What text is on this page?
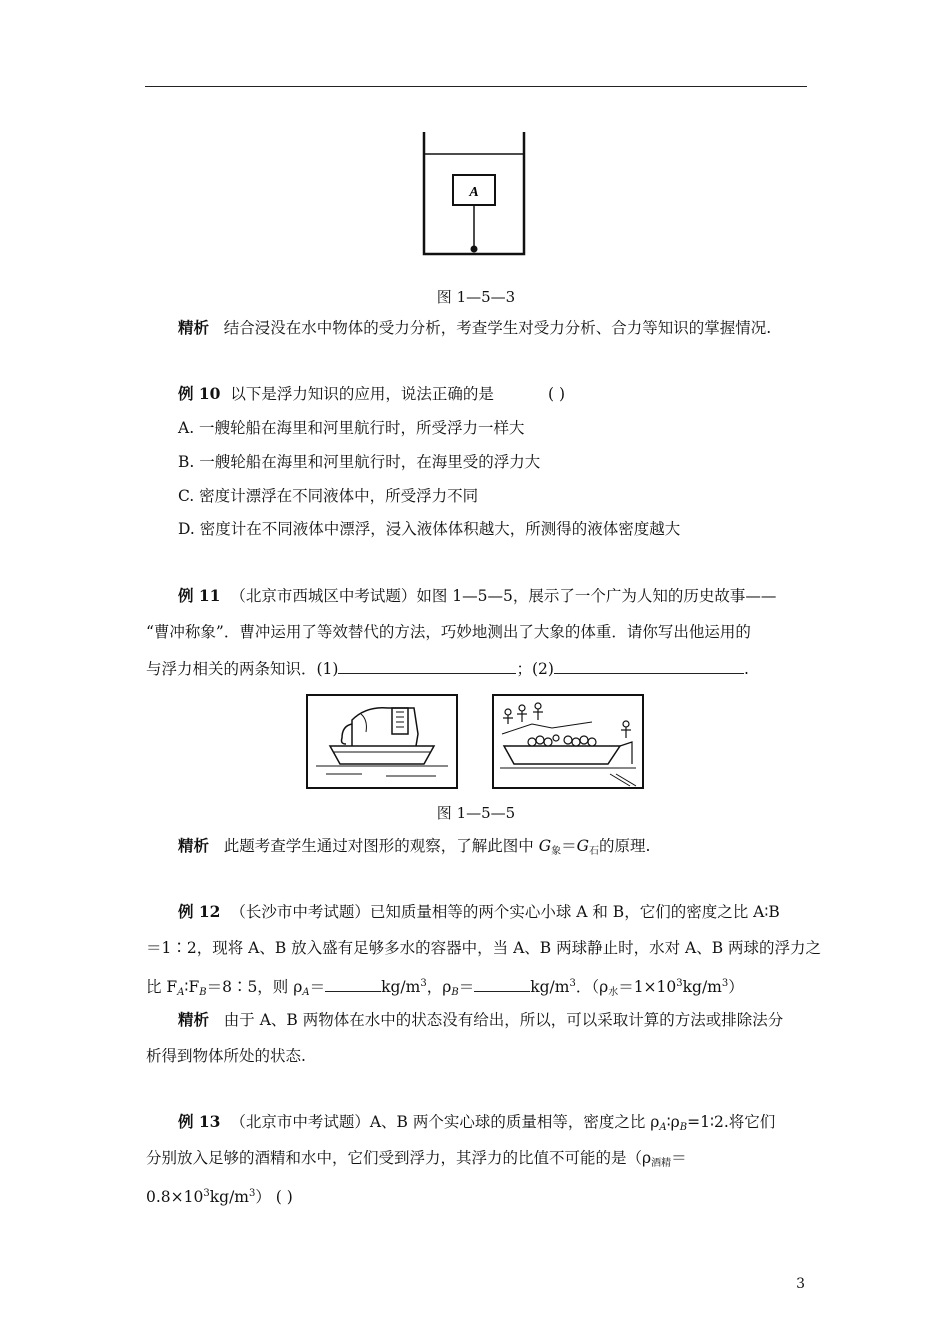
A
图 1—5—3
精析 结合浸没在水中物体的受力分析，考查学生对受力分析、合力等知识的掌握情况.
例 10 以下是浮力知识的应用，说法正确的是	( )
A. 一艘轮船在海里和河里航行时，所受浮力一样大
B. 一艘轮船在海里和河里航行时，在海里受的浮力大
C. 密度计漂浮在不同液体中，所受浮力不同
D. 密度计在不同液体中漂浮，浸入液体体积越大，所测得的液体密度越大
例 11 （北京市西城区中考试题）如图 1—5—5，展示了一个广为人知的历史故事——
“曹冲称象”．曹冲运用了等效替代的方法，巧妙地测出了大象的体重．请你写出他运用的
与浮力相关的两条知识．(1)	；(2)	.
图 1—5—5
精析 此题考查学生通过对图形的观察，了解此图中 $G_象=G_石$的原理.
例 12 （长沙市中考试题）已知质量相等的两个实心小球 A 和 B，它们的密度之比 A∶B
＝1∶2，现将 A、B 放入盛有足够多水的容器中，当 A、B 两球静止时，水对 A、B 两球的浮力之
比 $F_A∶F_B=8∶5$，则 $\rho_A=$	$kg/m^3$，$\rho_B=$	$kg/m^3$．$(\rho_水=1\times 10^3kg/m^3)$
精析 由于 A、B 两物体在水中的状态没有给出，所以，可以采取计算的方法或排除法分
析得到物体所处的状态.
例 13 （北京市中考试题）A、B 两个实心球的质量相等，密度之比 $\rho_A∶\rho_B=1∶2$.将它们
分别放入足够的酒精和水中，它们受到浮力，其浮力的比值不可能的是（$\rho_{酒精}=$
$0.8\times 10^3kg/m^3$） ( )
3
